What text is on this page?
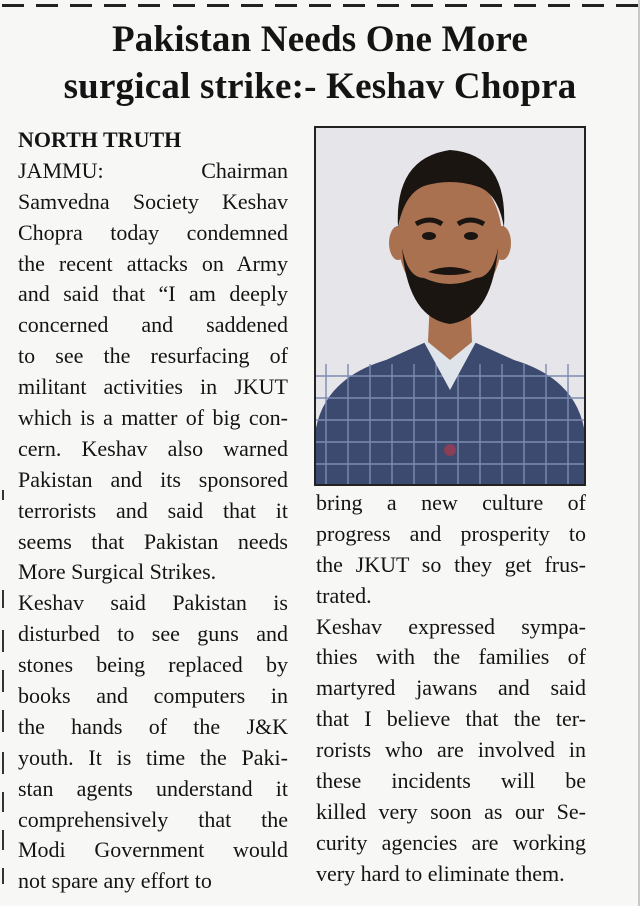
Pakistan Needs One More
surgical strike:- Keshav Chopra
NORTH TRUTH
JAMMU: Chairman
Samvedna Society Keshav
Chopra today condemned
the recent attacks on Army
and said that “I am deeply
concerned and saddened
to see the resurfacing of
militant activities in JKUT
which is a matter of big con-
cern. Keshav also warned
Pakistan and its sponsored
terrorists and said that it
seems that Pakistan needs
More Surgical Strikes.
Keshav said Pakistan is
disturbed to see guns and
stones being replaced by
books and computers in
the hands of the J&K
youth. It is time the Paki-
stan agents understand it
comprehensively that the
Modi Government would
not spare any effort to
bring a new culture of
progress and prosperity to
the JKUT so they get frus-
trated.
Keshav expressed sympa-
thies with the families of
martyred jawans and said
that I believe that the ter-
rorists who are involved in
these incidents will be
killed very soon as our Se-
curity agencies are working
very hard to eliminate them.
